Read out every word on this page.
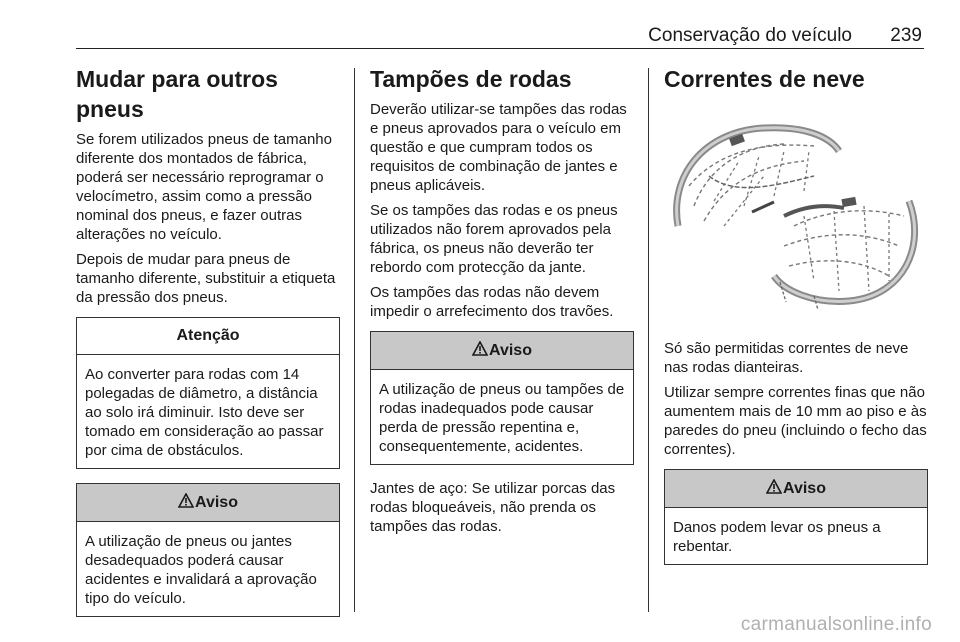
Conservação do veículo 239
Mudar para outros pneus

Se forem utilizados pneus de tamanho diferente dos montados de fábrica, poderá ser necessário reprogramar o velocímetro, assim como a pressão nominal dos pneus, e fazer outras alterações no veículo.

Depois de mudar para pneus de tamanho diferente, substituir a etiqueta da pressão dos pneus.

Atenção
Ao converter para rodas com 14 polegadas de diâmetro, a distância ao solo irá diminuir. Isto deve ser tomado em consideração ao passar por cima de obstáculos.
Aviso
A utilização de pneus ou jantes desadequados poderá causar acidentes e invalidará a aprovação tipo do veículo.
Tampões de rodas

Deverão utilizar-se tampões das rodas e pneus aprovados para o veículo em questão e que cumpram todos os requisitos de combinação de jantes e pneus aplicáveis.

Se os tampões das rodas e os pneus utilizados não forem aprovados pela fábrica, os pneus não deverão ter rebordo com protecção da jante.

Os tampões das rodas não devem impedir o arrefecimento dos travões.

Aviso
A utilização de pneus ou tampões de rodas inadequados pode causar perda de pressão repentina e, consequentemente, acidentes.

Jantes de aço: Se utilizar porcas das rodas bloqueáveis, não prenda os tampões das rodas.

Correntes de neve

Só são permitidas correntes de neve nas rodas dianteiras.

Utilizar sempre correntes finas que não aumentem mais de 10 mm ao piso e às paredes do pneu (incluindo o fecho das correntes).

Aviso
Danos podem levar os pneus a rebentar.
carmanualsonline.info
